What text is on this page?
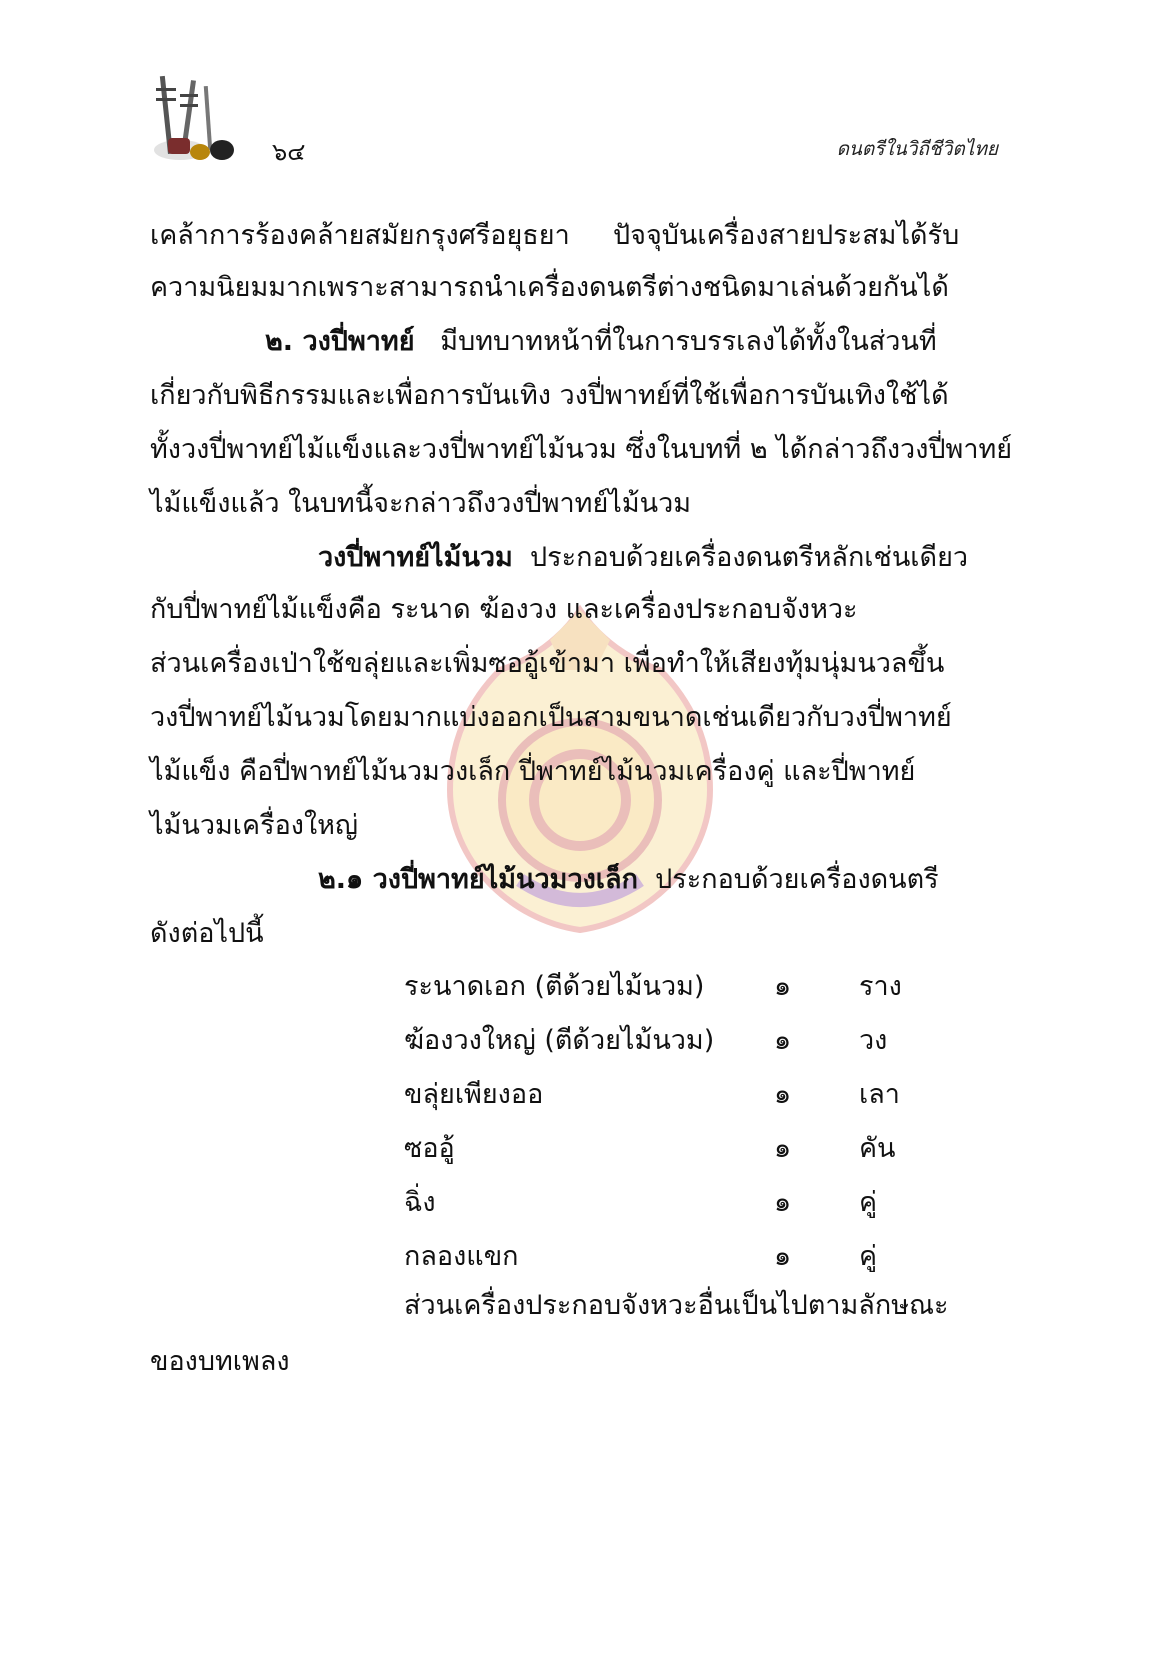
๖๔	ดนตรีในวิถีชีวิตไทย
เคล้าการร้องคล้ายสมัยกรุงศรีอยุธยา ปัจจุบันเครื่องสายประสมได้รับ
ความนิยมมากเพราะสามารถนำเครื่องดนตรีต่างชนิดมาเล่นด้วยกันได้
๒. วงปี่พาทย์ มีบทบาทหน้าที่ในการบรรเลงได้ทั้งในส่วนที่
เกี่ยวกับพิธีกรรมและเพื่อการบันเทิง วงปี่พาทย์ที่ใช้เพื่อการบันเทิงใช้ได้
ทั้งวงปี่พาทย์ไม้แข็งและวงปี่พาทย์ไม้นวม ซึ่งในบทที่ ๒ ได้กล่าวถึงวงปี่พาทย์
ไม้แข็งแล้ว ในบทนี้จะกล่าวถึงวงปี่พาทย์ไม้นวม
วงปี่พาทย์ไม้นวม ประกอบด้วยเครื่องดนตรีหลักเช่นเดียว
กับปี่พาทย์ไม้แข็งคือ ระนาด ฆ้องวง และเครื่องประกอบจังหวะ
ส่วนเครื่องเป่าใช้ขลุ่ยและเพิ่มซออู้เข้ามา เพื่อทำให้เสียงทุ้มนุ่มนวลขึ้น
วงปี่พาทย์ไม้นวมโดยมากแบ่งออกเป็นสามขนาดเช่นเดียวกับวงปี่พาทย์
ไม้แข็ง คือปี่พาทย์ไม้นวมวงเล็ก ปี่พาทย์ไม้นวมเครื่องคู่ และปี่พาทย์
ไม้นวมเครื่องใหญ่
๒.๑ วงปี่พาทย์ไม้นวมวงเล็ก ประกอบด้วยเครื่องดนตรี
ดังต่อไปนี้
ระนาดเอก (ตีด้วยไม้นวม)	๑	ราง
ฆ้องวงใหญ่ (ตีด้วยไม้นวม) ๑	วง
ขลุ่ยเพียงออ	๑	เลา
ซออู้	๑	คัน
ฉิ่ง	๑	คู่
กลองแขก	๑	คู่
ส่วนเครื่องประกอบจังหวะอื่นเป็นไปตามลักษณะ
ของบทเพลง
